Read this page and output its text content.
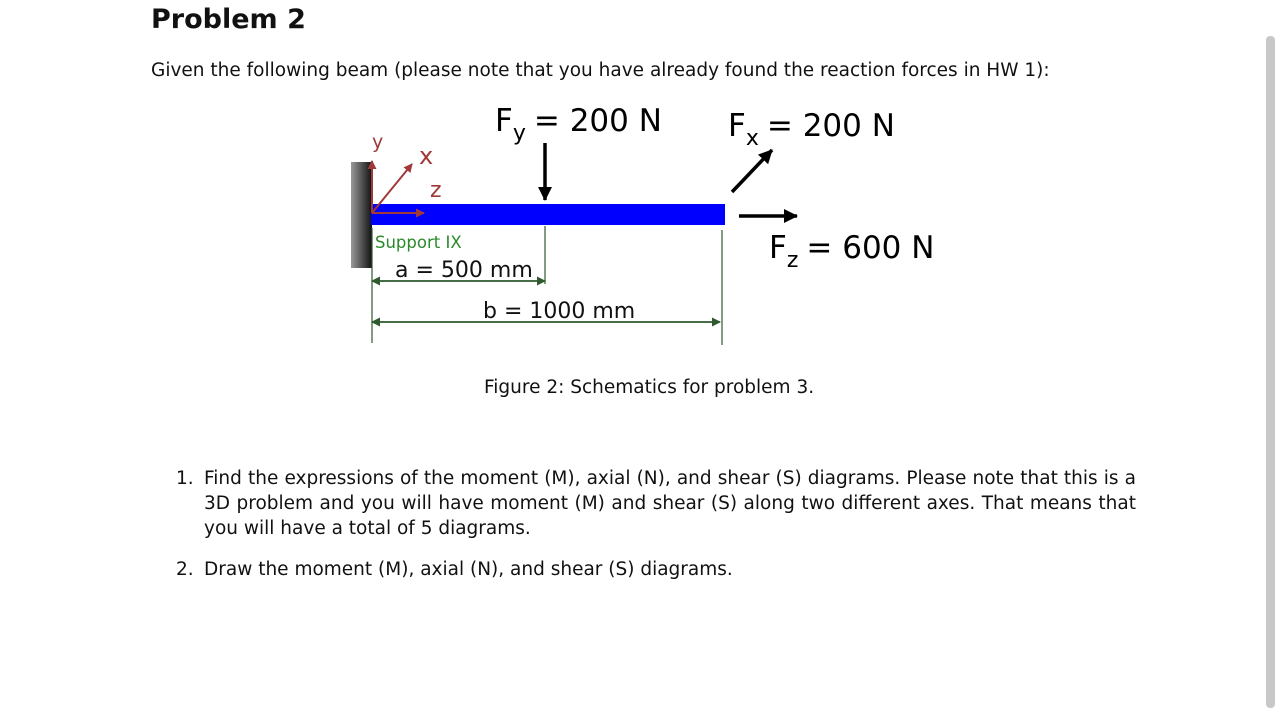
Problem 2

Given the following beam (please note that you have already found the reaction forces in HW 1):

y x
z
$F_y = 200$ N $F_x = 200$ N
$F_z = 600$ N
Support IX
a = 500 mm
b = 1000 mm

Figure 2: Schematics for problem 3.

1. Find the expressions of the moment (M), axial (N), and shear (S) diagrams. Please note that this is a 3D problem and you will have moment (M) and shear (S) along two different axes. That means that you will have a total of 5 diagrams.
2. Draw the moment (M), axial (N), and shear (S) diagrams.
